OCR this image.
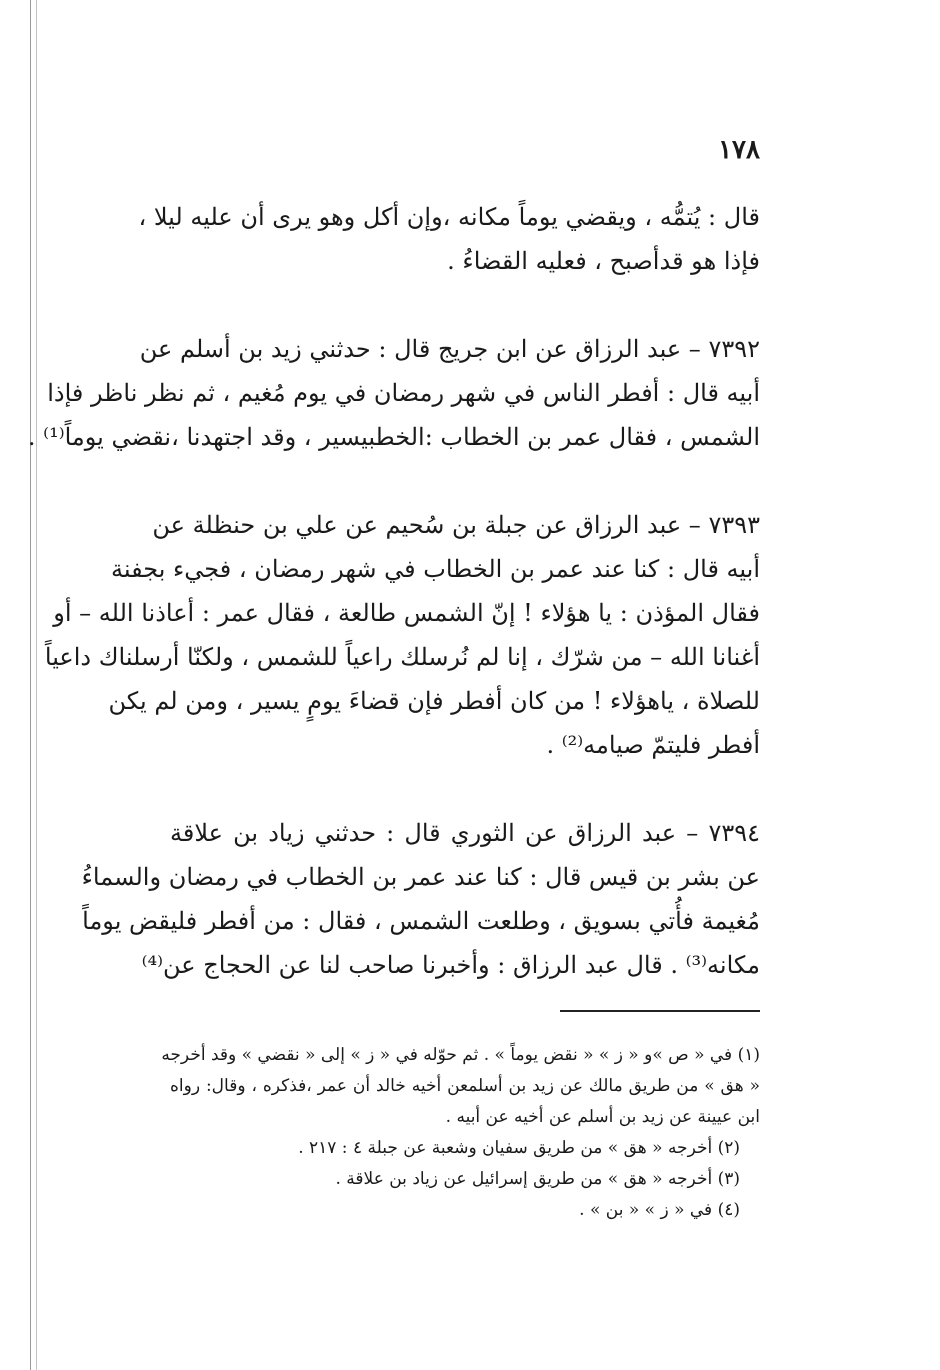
١٧٨
قال : يُتمُّه ، ويقضي يوماً مكانه ،وإن أكل وهو يرى أن عليه ليلا ،
فإذا هو قدأصبح ، فعليه القضاءُ .
٧٣٩٢ – عبد الرزاق عن ابن جريج قال : حدثني زيد بن أسلم عن
أبيه قال : أفطر الناس في شهر رمضان في يوم مُغيم ، ثم نظر ناظر فإذا
الشمس ، فقال عمر بن الخطاب :الخطبيسير ، وقد اجتهدنا ،نقضي يوماً⁽¹⁾ .
٧٣٩٣ – عبد الرزاق عن جبلة بن سُحيم عن علي بن حنظلة عن
أبيه قال : كنا عند عمر بن الخطاب في شهر رمضان ، فجيء بجفنة
فقال المؤذن : يا هؤلاء ! إنّ الشمس طالعة ، فقال عمر : أعاذنا الله – أو
أغنانا الله – من شرّك ، إنا لم نُرسلك راعياً للشمس ، ولكنّا أرسلناك داعياً
للصلاة ، ياهؤلاء ! من كان أفطر فإن قضاءَ يومٍ يسير ، ومن لم يكن
أفطر فليتمّ صيامه⁽²⁾ .
٧٣٩٤ – عبد الرزاق عن الثوري قال : حدثني زياد بن علاقة
عن بشر بن قيس قال : كنا عند عمر بن الخطاب في رمضان والسماءُ
مُغيمة فأُتي بسويق ، وطلعت الشمس ، فقال : من أفطر فليقض يوماً
مكانه⁽³⁾ . قال عبد الرزاق : وأخبرنا صاحب لنا عن الحجاج عن⁽⁴⁾
(١) في « ص »و « ز » « نقض يوماً » . ثم حوّله في « ز » إلى « نقضي » وقد أخرجه
« هق » من طريق مالك عن زيد بن أسلمعن أخيه خالد أن عمر ،فذكره ، وقال: رواه
ابن عيينة عن زيد بن أسلم عن أخيه عن أبيه .
(٢) أخرجه « هق » من طريق سفيان وشعبة عن جبلة ٤ : ٢١٧ .
(٣) أخرجه « هق » من طريق إسرائيل عن زياد بن علاقة .
(٤) في « ز » « بن » .
